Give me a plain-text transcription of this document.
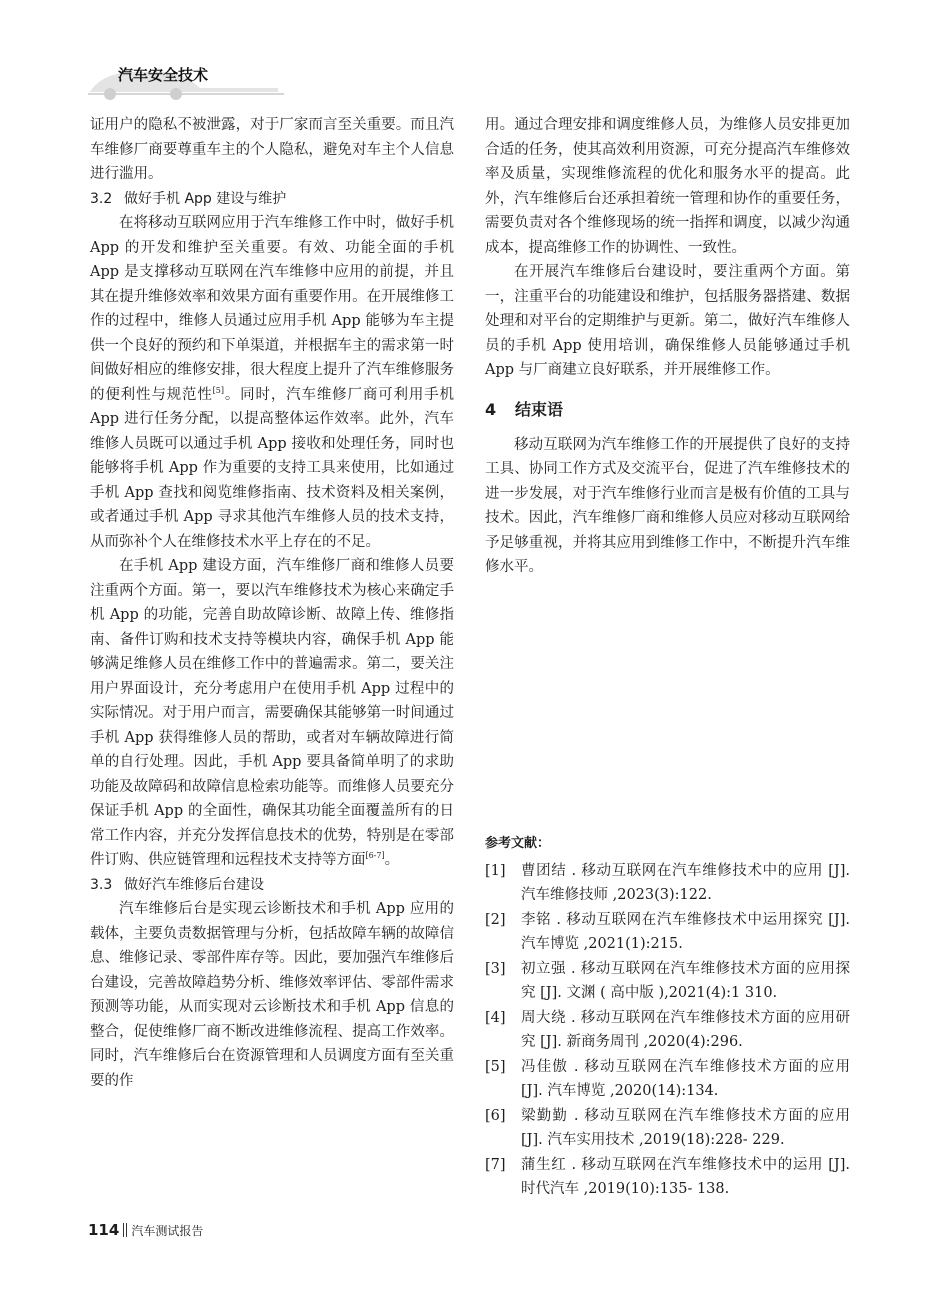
汽车安全技术

证用户的隐私不被泄露，对于厂家而言至关重要。而且汽车维修厂商要尊重车主的个人隐私，避免对车主个人信息进行滥用。

3.2 做好手机 App 建设与维护

在将移动互联网应用于汽车维修工作中时，做好手机 App 的开发和维护至关重要。有效、功能全面的手机 App 是支撑移动互联网在汽车维修中应用的前提，并且其在提升维修效率和效果方面有重要作用。在开展维修工作的过程中，维修人员通过应用手机 App 能够为车主提供一个良好的预约和下单渠道，并根据车主的需求第一时间做好相应的维修安排，很大程度上提升了汽车维修服务的便利性与规范性[5]。同时，汽车维修厂商可利用手机 App 进行任务分配，以提高整体运作效率。此外，汽车维修人员既可以通过手机 App 接收和处理任务，同时也能够将手机 App 作为重要的支持工具来使用，比如通过手机 App 查找和阅览维修指南、技术资料及相关案例，或者通过手机 App 寻求其他汽车维修人员的技术支持，从而弥补个人在维修技术水平上存在的不足。

在手机 App 建设方面，汽车维修厂商和维修人员要注重两个方面。第一，要以汽车维修技术为核心来确定手机 App 的功能，完善自助故障诊断、故障上传、维修指南、备件订购和技术支持等模块内容，确保手机 App 能够满足维修人员在维修工作中的普遍需求。第二，要关注用户界面设计，充分考虑用户在使用手机 App 过程中的实际情况。对于用户而言，需要确保其能够第一时间通过手机 App 获得维修人员的帮助，或者对车辆故障进行简单的自行处理。因此，手机 App 要具备简单明了的求助功能及故障码和故障信息检索功能等。而维修人员要充分保证手机 App 的全面性，确保其功能全面覆盖所有的日常工作内容，并充分发挥信息技术的优势，特别是在零部件订购、供应链管理和远程技术支持等方面[6-7]。

3.3 做好汽车维修后台建设

汽车维修后台是实现云诊断技术和手机 App 应用的载体，主要负责数据管理与分析，包括故障车辆的故障信息、维修记录、零部件库存等。因此，要加强汽车维修后台建设，完善故障趋势分析、维修效率评估、零部件需求预测等功能，从而实现对云诊断技术和手机 App 信息的整合，促使维修厂商不断改进维修流程、提高工作效率。同时，汽车维修后台在资源管理和人员调度方面有至关重要的作

用。通过合理安排和调度维修人员，为维修人员安排更加合适的任务，使其高效利用资源，可充分提高汽车维修效率及质量，实现维修流程的优化和服务水平的提高。此外，汽车维修后台还承担着统一管理和协作的重要任务，需要负责对各个维修现场的统一指挥和调度，以减少沟通成本，提高维修工作的协调性、一致性。

在开展汽车维修后台建设时，要注重两个方面。第一，注重平台的功能建设和维护，包括服务器搭建、数据处理和对平台的定期维护与更新。第二，做好汽车维修人员的手机 App 使用培训，确保维修人员能够通过手机 App 与厂商建立良好联系，并开展维修工作。

4 结束语

移动互联网为汽车维修工作的开展提供了良好的支持工具、协同工作方式及交流平台，促进了汽车维修技术的进一步发展，对于汽车维修行业而言是极有价值的工具与技术。因此，汽车维修厂商和维修人员应对移动互联网给予足够重视，并将其应用到维修工作中，不断提升汽车维修水平。

参考文献：
[1]	曹团结 . 移动互联网在汽车维修技术中的应用 [J]. 汽车维修技师 ,2023(3):122.
[2]	李铭 . 移动互联网在汽车维修技术中运用探究 [J]. 汽车博览 ,2021(1):215.
[3]	初立强 . 移动互联网在汽车维修技术方面的应用探究 [J]. 文渊 ( 高中版 ),2021(4):1 310.
[4]	周大绕 . 移动互联网在汽车维修技术方面的应用研究 [J]. 新商务周刊 ,2020(4):296.
[5]	冯佳傲 . 移动互联网在汽车维修技术方面的应用 [J]. 汽车博览 ,2020(14):134.
[6]	梁勤勤 . 移动互联网在汽车维修技术方面的应用 [J]. 汽车实用技术 ,2019(18):228- 229.
[7]	蒲生红 . 移动互联网在汽车维修技术中的运用 [J]. 时代汽车 ,2019(10):135- 138.
114 汽车测试报告
